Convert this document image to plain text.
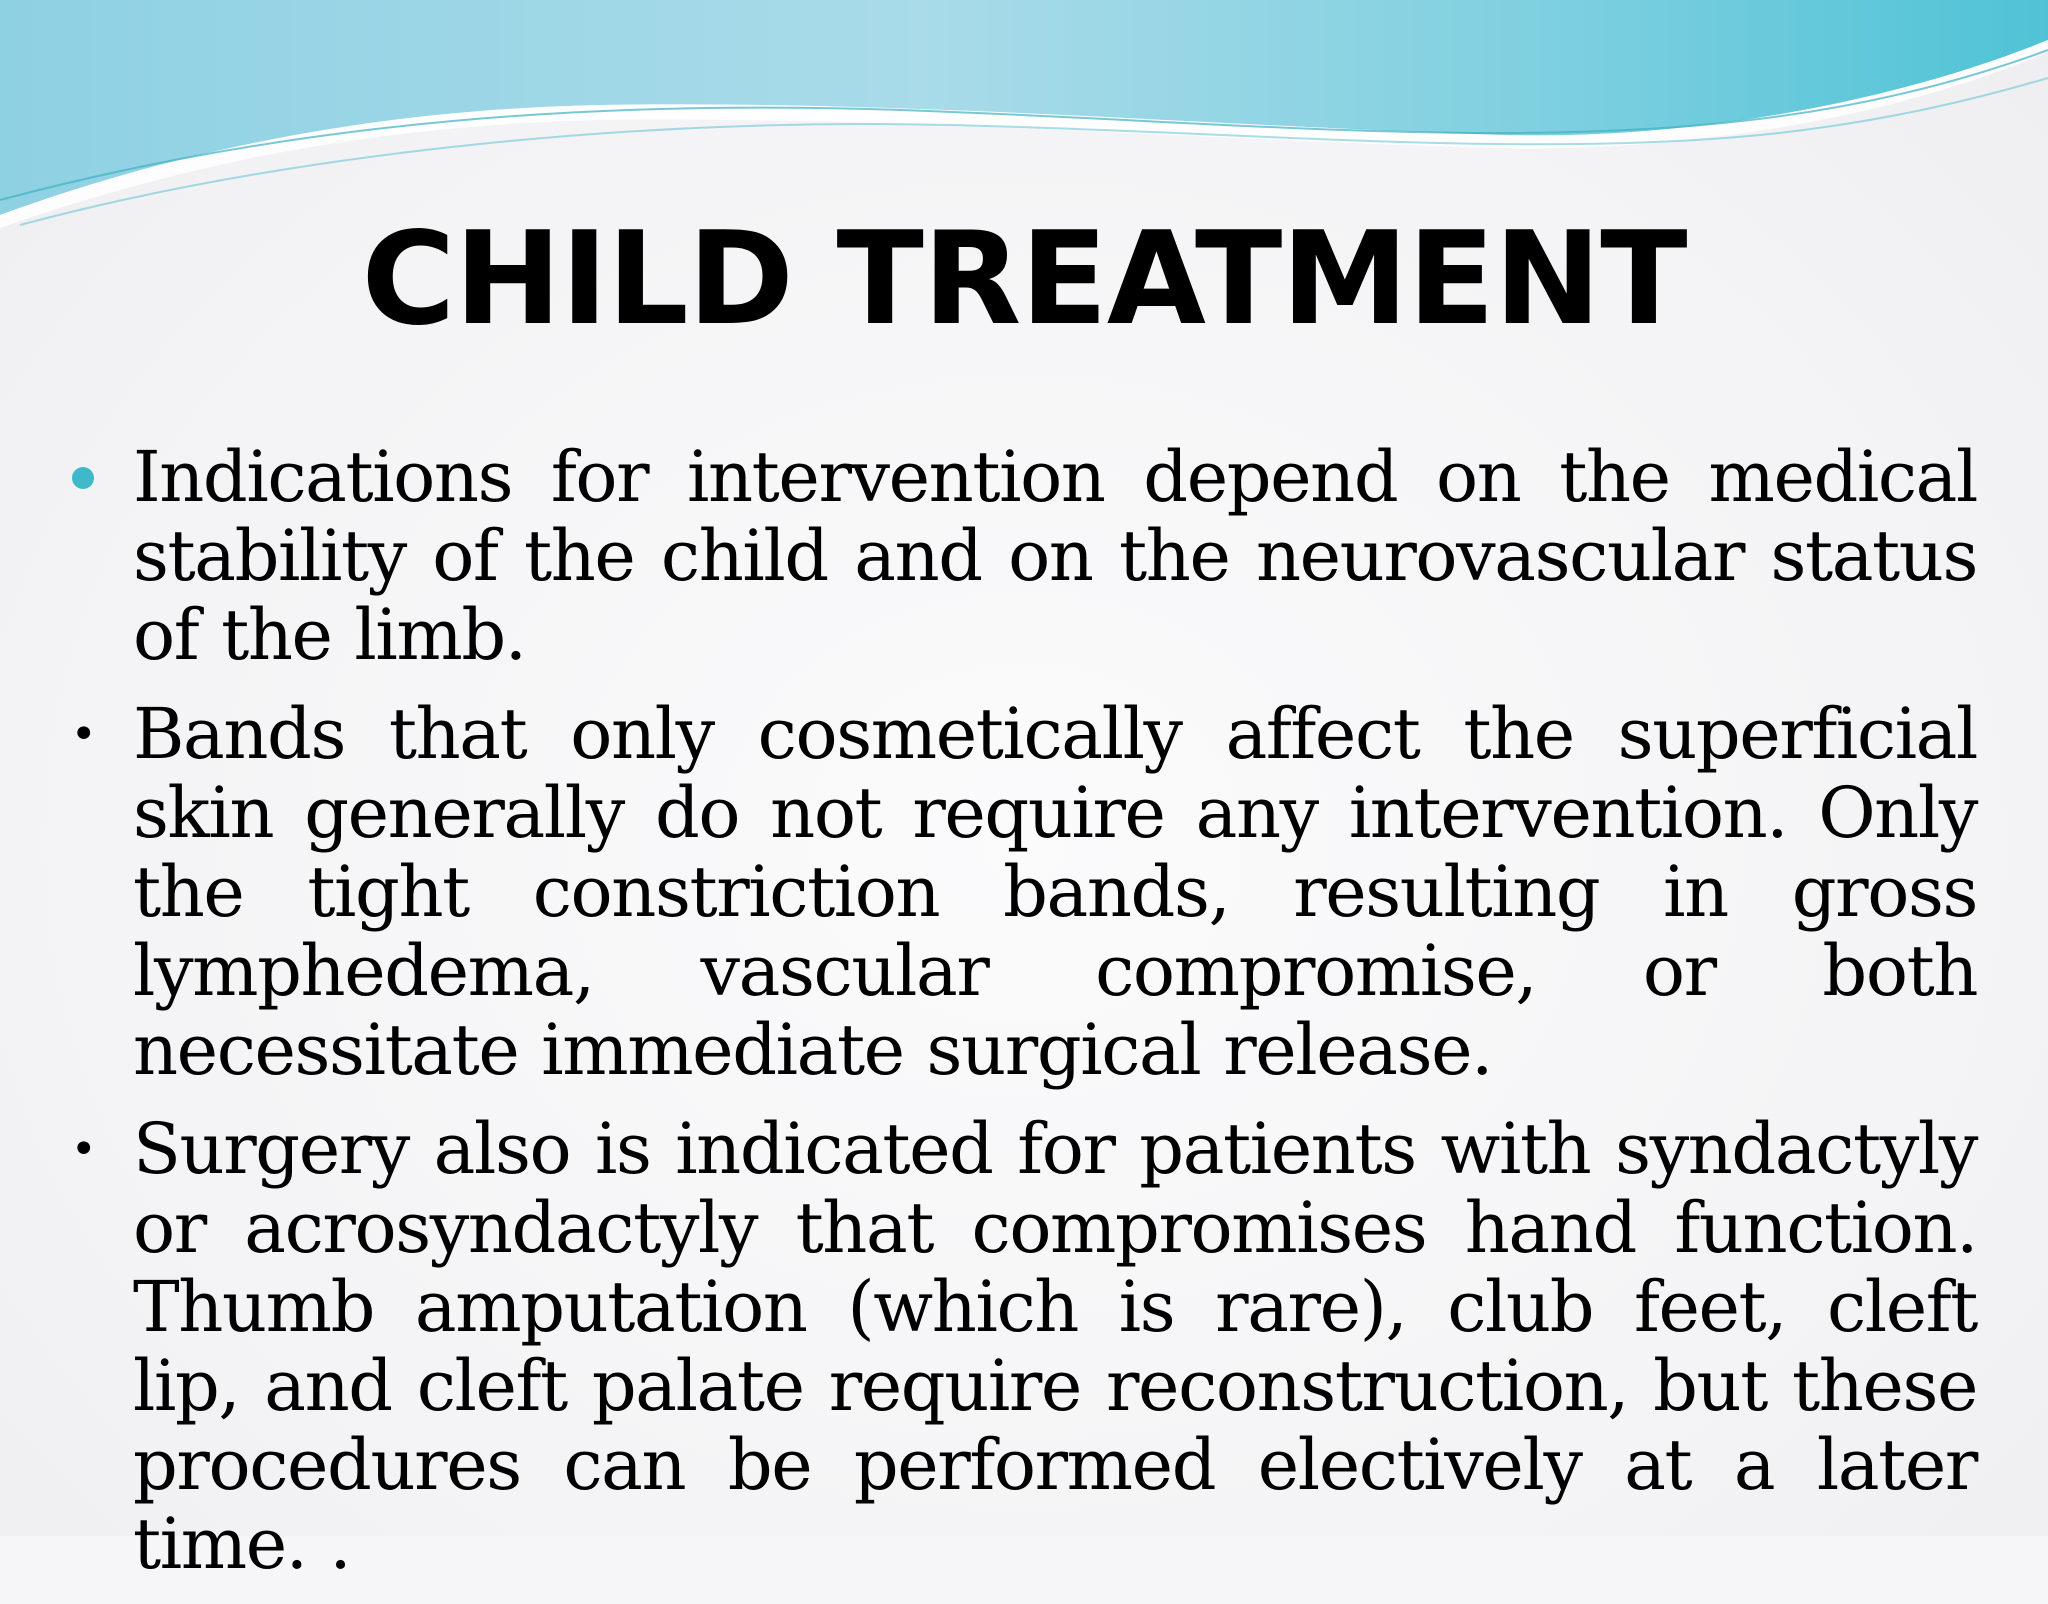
CHILD TREATMENT
Indications for intervention depend on the medical stability of the child and on the neurovascular status of the limb.
• Bands that only cosmetically affect the superficial skin generally do not require any intervention. Only the tight constriction bands, resulting in gross lymphedema, vascular compromise, or both necessitate immediate surgical release.
• Surgery also is indicated for patients with syndactyly or acrosyndactyly that compromises hand function. Thumb amputation (which is rare), club feet, cleft lip, and cleft palate require reconstruction, but these procedures can be performed electively at a later time. .
